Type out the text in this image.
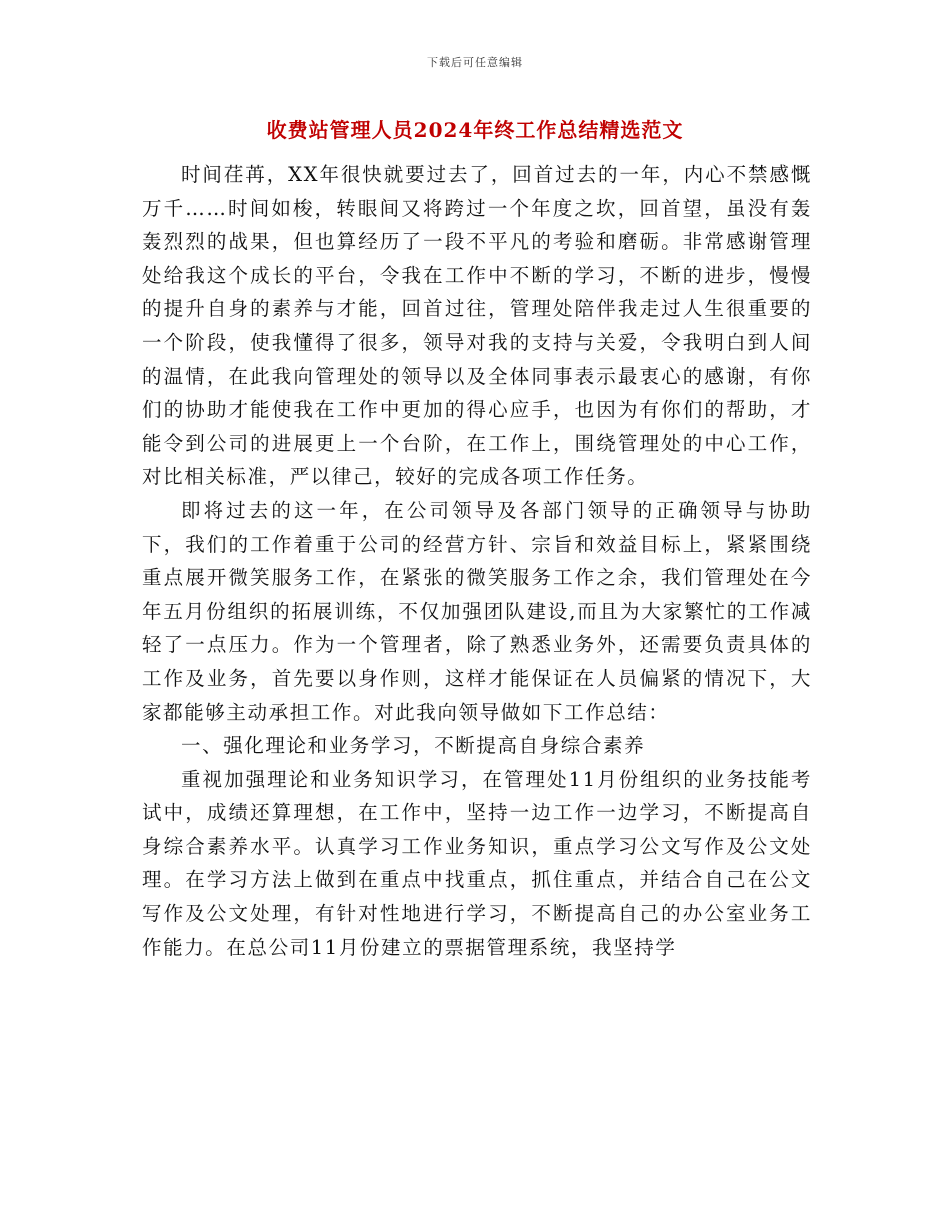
下载后可任意编辑
收费站管理人员2024年终工作总结精选范文

时间荏苒，XX年很快就要过去了，回首过去的一年，内心不禁感慨万千……时间如梭，转眼间又将跨过一个年度之坎，回首望，虽没有轰轰烈烈的战果，但也算经历了一段不平凡的考验和磨砺。非常感谢管理处给我这个成长的平台，令我在工作中不断的学习，不断的进步，慢慢的提升自身的素养与才能，回首过往，管理处陪伴我走过人生很重要的一个阶段，使我懂得了很多，领导对我的支持与关爱，令我明白到人间的温情，在此我向管理处的领导以及全体同事表示最衷心的感谢，有你们的协助才能使我在工作中更加的得心应手，也因为有你们的帮助，才能令到公司的进展更上一个台阶，在工作上，围绕管理处的中心工作，对比相关标准，严以律己，较好的完成各项工作任务。

即将过去的这一年，在公司领导及各部门领导的正确领导与协助下，我们的工作着重于公司的经营方针、宗旨和效益目标上，紧紧围绕重点展开微笑服务工作，在紧张的微笑服务工作之余，我们管理处在今年五月份组织的拓展训练，不仅加强团队建设,而且为大家繁忙的工作减轻了一点压力。作为一个管理者，除了熟悉业务外，还需要负责具体的工作及业务，首先要以身作则，这样才能保证在人员偏紧的情况下，大家都能够主动承担工作。对此我向领导做如下工作总结：

一、强化理论和业务学习，不断提高自身综合素养

重视加强理论和业务知识学习，在管理处11月份组织的业务技能考试中，成绩还算理想，在工作中，坚持一边工作一边学习，不断提高自身综合素养水平。认真学习工作业务知识，重点学习公文写作及公文处理。在学习方法上做到在重点中找重点，抓住重点，并结合自己在公文写作及公文处理，有针对性地进行学习，不断提高自己的办公室业务工作能力。在总公司11月份建立的票据管理系统，我坚持学
